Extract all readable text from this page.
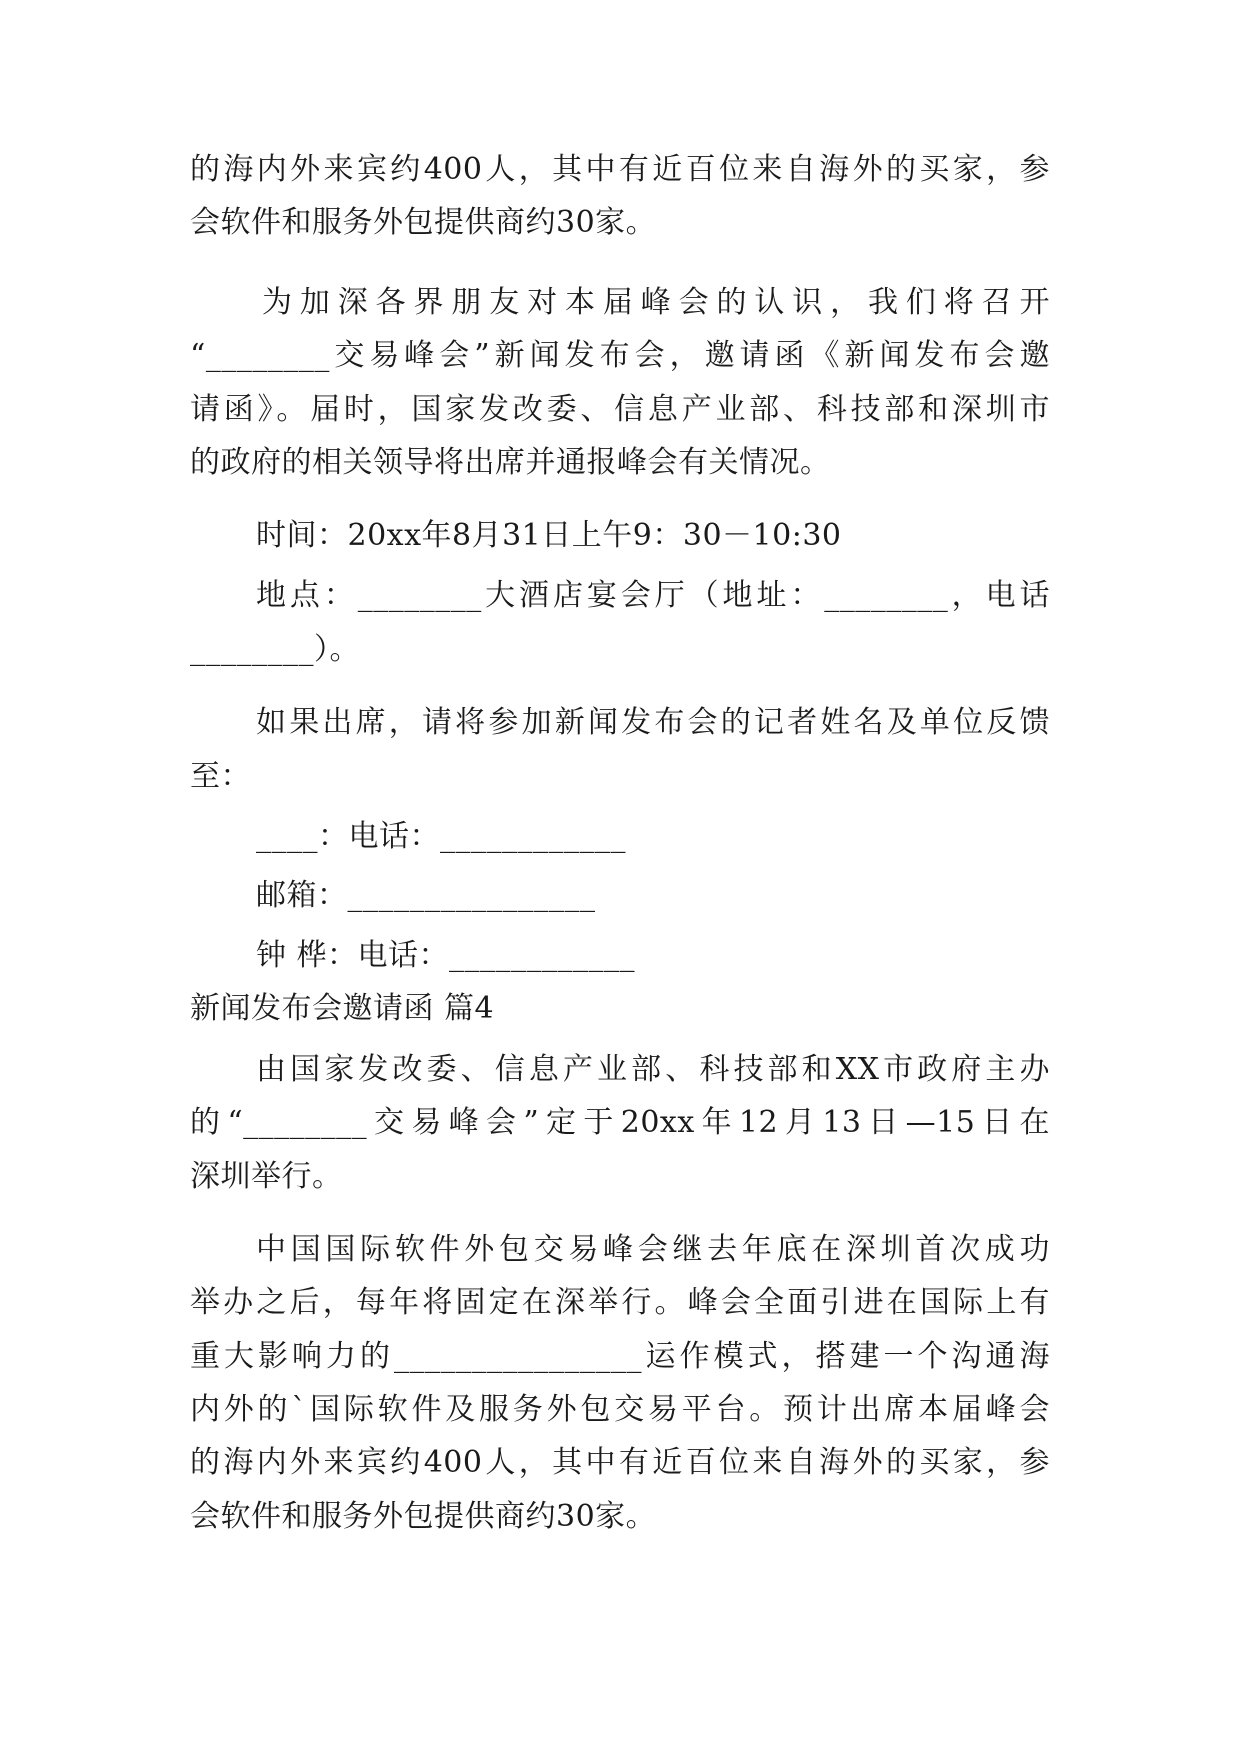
的海内外来宾约400人，其中有近百位来自海外的买家，参
会软件和服务外包提供商约30家。
为加深各界朋友对本届峰会的认识，我们将召开
“________交易峰会”新闻发布会，邀请函《新闻发布会邀
请函》。届时，国家发改委、信息产业部、科技部和深圳市
的政府的相关领导将出席并通报峰会有关情况。
时间：20xx年8月31日上午9：30－10:30
地点：________大酒店宴会厅（地址：________，电话
________）。
如果出席，请将参加新闻发布会的记者姓名及单位反馈
至：
____：电话：____________
邮箱：________________
钟 桦：电话：____________
新闻发布会邀请函 篇4
由国家发改委、信息产业部、科技部和XX市政府主办
的“________交易峰会”定于20xx年12月13日—15日在
深圳举行。
中国国际软件外包交易峰会继去年底在深圳首次成功
举办之后，每年将固定在深举行。峰会全面引进在国际上有
重大影响力的________________运作模式，搭建一个沟通海
内外的`国际软件及服务外包交易平台。预计出席本届峰会
的海内外来宾约400人，其中有近百位来自海外的买家，参
会软件和服务外包提供商约30家。
